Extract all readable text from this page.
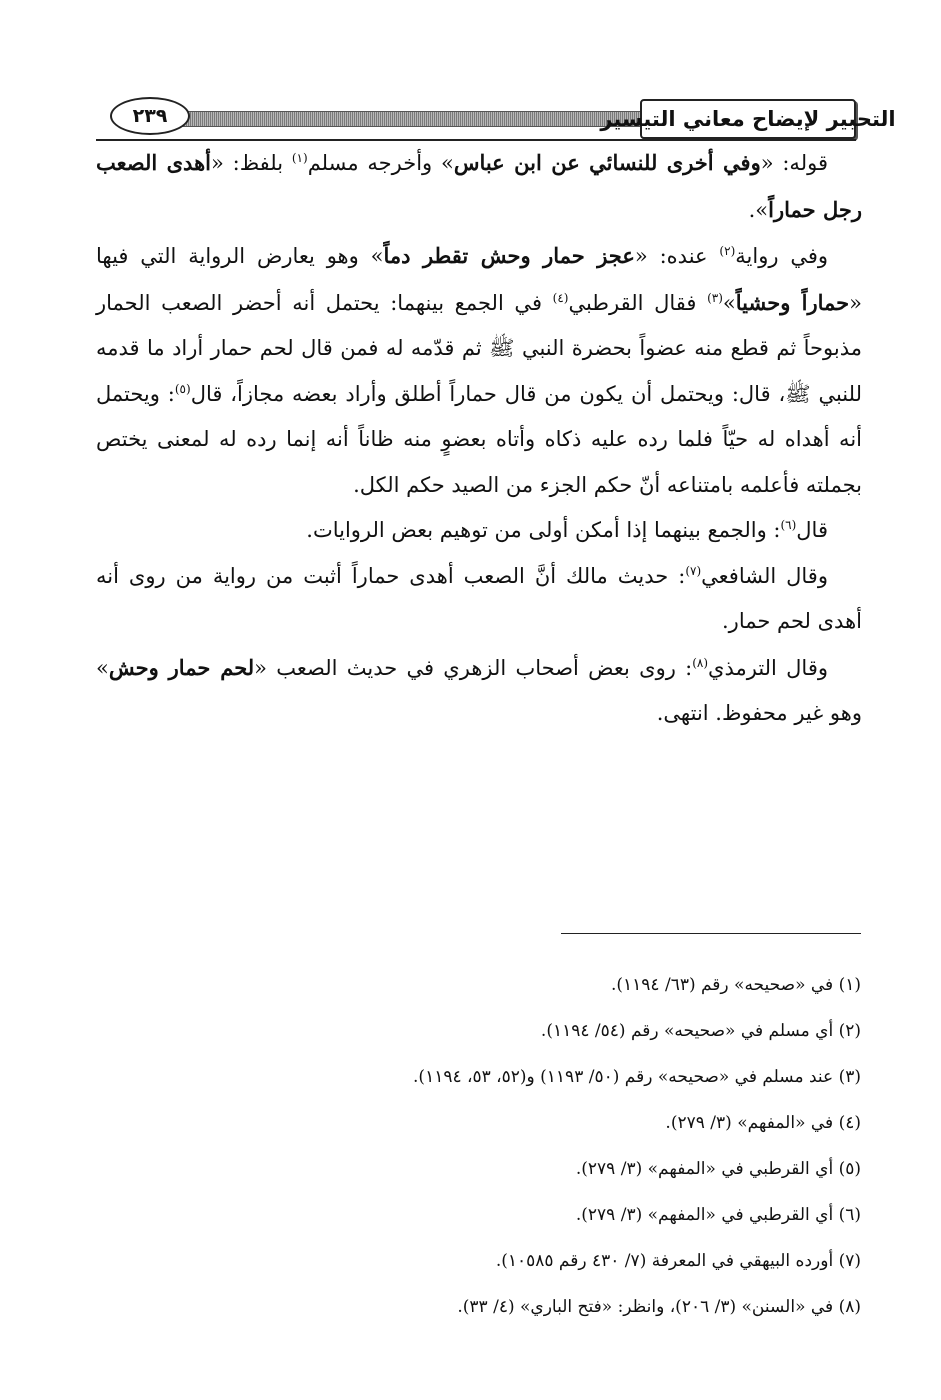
التحبير لإيضاح معاني التيسير
٢٣٩

قوله: «وفي أخرى للنسائي عن ابن عباس» وأخرجه مسلم$^{(١)}$ بلفظ: «أهدى الصعب رجل حماراً».

وفي رواية$^{(٢)}$ عنده: «عجز حمار وحش تقطر دماً» وهو يعارض الرواية التي فيها «حماراً وحشياً»$^{(٣)}$ فقال القرطبي$^{(٤)}$ في الجمع بينهما: يحتمل أنه أحضر الصعب الحمار مذبوحاً ثم قطع منه عضواً بحضرة النبي ﷺ ثم قدّمه له فمن قال لحم حمار أراد ما قدمه للنبي ﷺ، قال: ويحتمل أن يكون من قال حماراً أطلق وأراد بعضه مجازاً، قال$^{(٥)}$: ويحتمل أنه أهداه له حيّاً فلما رده عليه ذكاه وأتاه بعضوٍ منه ظاناً أنه إنما رده له لمعنى يختص بجملته فأعلمه بامتناعه أنّ حكم الجزء من الصيد حكم الكل.

قال$^{(٦)}$: والجمع بينهما إذا أمكن أولى من توهيم بعض الروايات.

وقال الشافعي$^{(٧)}$: حديث مالك أنَّ الصعب أهدى حماراً أثبت من رواية من روى أنه أهدى لحم حمار.

وقال الترمذي$^{(٨)}$: روى بعض أصحاب الزهري في حديث الصعب «لحم حمار وحش» وهو غير محفوظ. انتهى.

(١) في «صحيحه» رقم (٦٣/ ١١٩٤).

(٢) أي مسلم في «صحيحه» رقم (٥٤/ ١١٩٤).

(٣) عند مسلم في «صحيحه» رقم (٥٠/ ١١٩٣) و(٥٢، ٥٣، ١١٩٤).

(٤) في «المفهم» (٣/ ٢٧٩).

(٥) أي القرطبي في «المفهم» (٣/ ٢٧٩).

(٦) أي القرطبي في «المفهم» (٣/ ٢٧٩).

(٧) أورده البيهقي في المعرفة (٧/ ٤٣٠ رقم ١٠٥٨٥).

(٨) في «السنن» (٣/ ٢٠٦)، وانظر: «فتح الباري» (٤/ ٣٣).
